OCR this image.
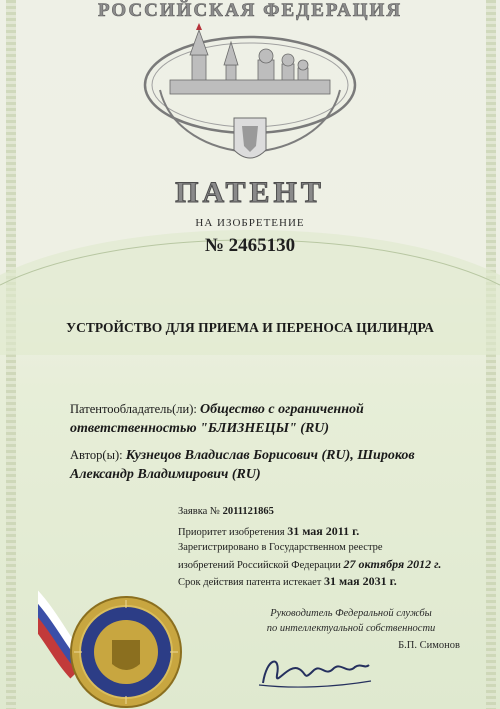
РОССИЙСКАЯ ФЕДЕРАЦИЯ
ПАТЕНТ
НА ИЗОБРЕТЕНИЕ
№ 2465130
УСТРОЙСТВО ДЛЯ ПРИЕМА И ПЕРЕНОСА ЦИЛИНДРА
Патентообладатель(ли): Общество с ограниченной
ответственностью "БЛИЗНЕЦЫ" (RU)
Автор(ы): Кузнецов Владислав Борисович (RU), Широков
Александр Владимирович (RU)
Заявка № 2011121865
Приоритет изобретения 31 мая 2011 г.
Зарегистрировано в Государственном реестре
изобретений Российской Федерации 27 октября 2012 г.
Срок действия патента истекает 31 мая 2031 г.
Руководитель Федеральной службы
по интеллектуальной собственности
Б.П. Симонов
